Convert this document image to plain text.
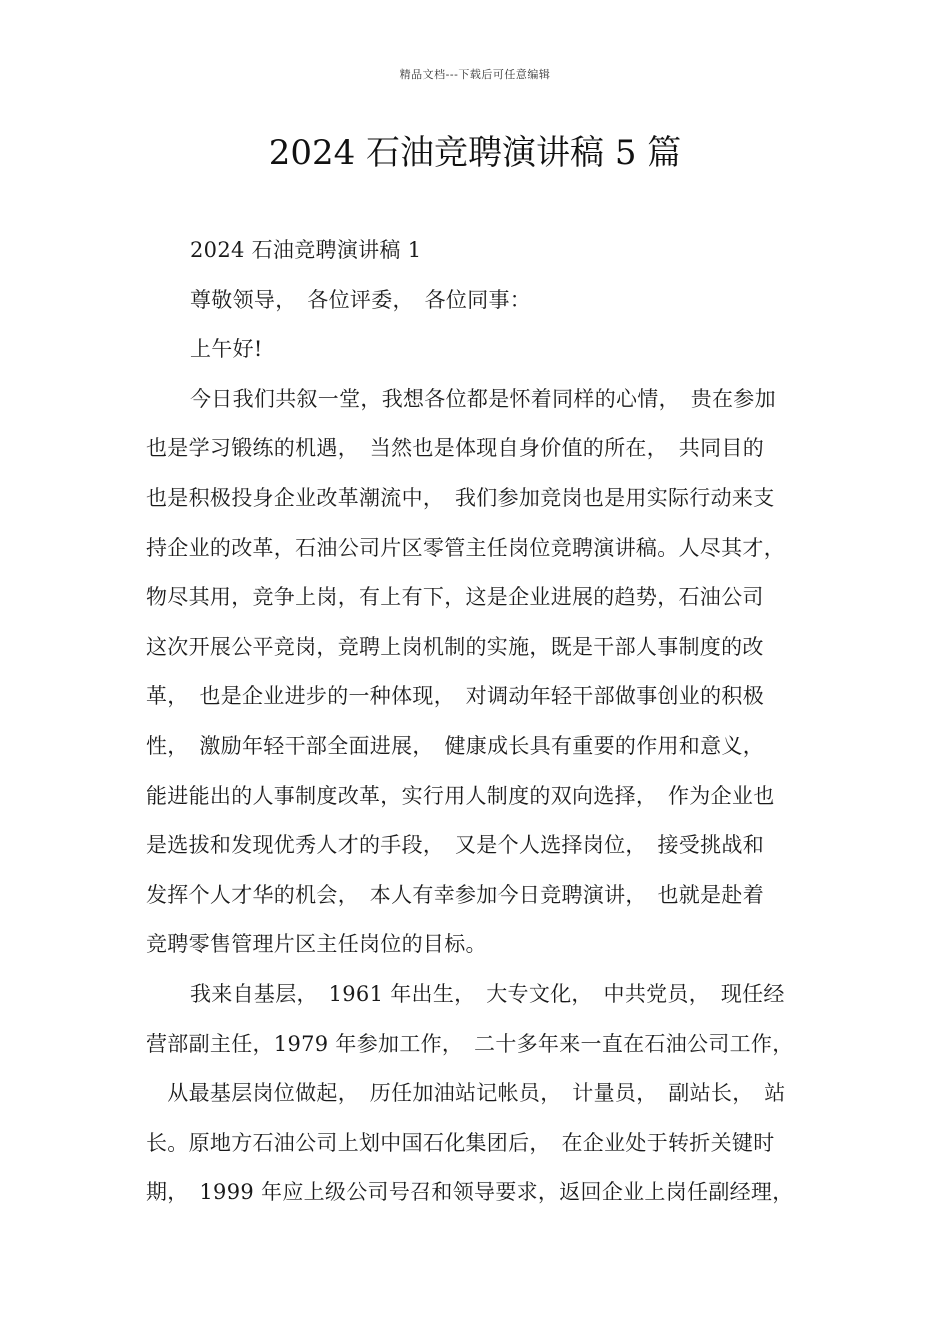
精品文档---下载后可任意编辑
2024 石油竞聘演讲稿 5 篇
2024 石油竞聘演讲稿 1
尊敬领导，　各位评委，　各位同事：
上午好!
今日我们共叙一堂，我想各位都是怀着同样的心情，　贵在参加
也是学习锻练的机遇，　当然也是体现自身价值的所在，　共同目的
也是积极投身企业改革潮流中，　我们参加竞岗也是用实际行动来支
持企业的改革，石油公司片区零管主任岗位竞聘演讲稿。人尽其才，
物尽其用，竞争上岗，有上有下，这是企业进展的趋势，石油公司
这次开展公平竞岗，竞聘上岗机制的实施，既是干部人事制度的改
革，　也是企业进步的一种体现，　对调动年轻干部做事创业的积极
性，　激励年轻干部全面进展，　健康成长具有重要的作用和意义，
能进能出的人事制度改革，实行用人制度的双向选择，　作为企业也
是选拔和发现优秀人才的手段，　又是个人选择岗位，　接受挑战和
发挥个人才华的机会，　本人有幸参加今日竞聘演讲，　也就是赴着
竞聘零售管理片区主任岗位的目标。
我来自基层，　1961 年出生，　大专文化，　中共党员，　现任经
营部副主任，1979 年参加工作，　二十多年来一直在石油公司工作，
　从最基层岗位做起，　历任加油站记帐员，　计量员，　副站长，　站
长。原地方石油公司上划中国石化集团后，　在企业处于转折关键时
期，　1999 年应上级公司号召和领导要求，返回企业上岗任副经理，
